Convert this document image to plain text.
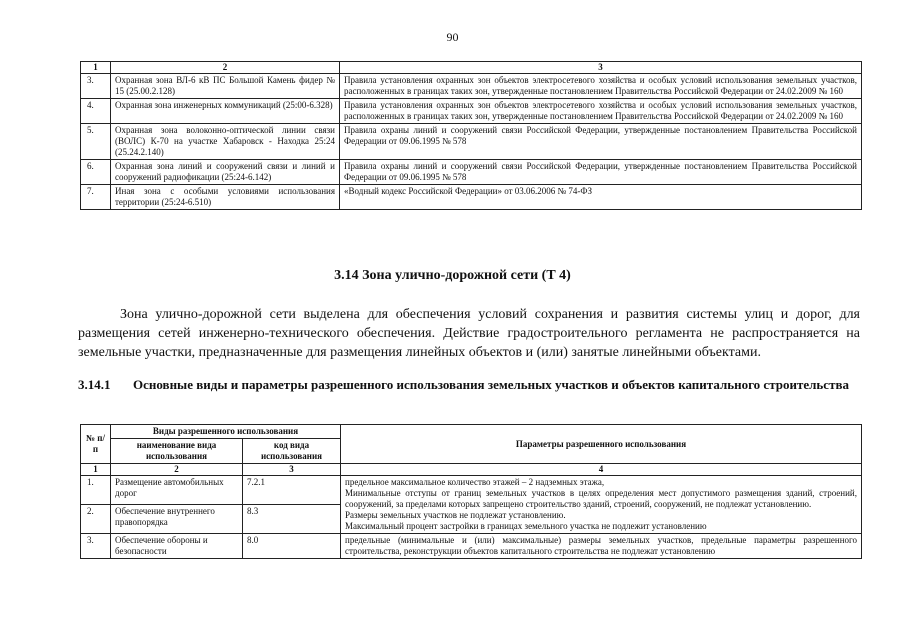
90
1	2	3
3.	Охранная зона ВЛ-6 кВ ПС Большой Камень фидер № 15 (25.00.2.128)	Правила установления охранных зон объектов электросетевого хозяйства и особых условий использования земельных участков, расположенных в границах таких зон, утвержденные постановлением Правительства Российской Федерации от 24.02.2009 № 160
4.	Охранная зона инженерных коммуникаций (25:00-6.328)	Правила установления охранных зон объектов электросетевого хозяйства и особых условий использования земельных участков, расположенных в границах таких зон, утвержденные постановлением Правительства Российской Федерации от 24.02.2009 № 160
5.	Охранная зона волоконно-оптической линии связи (ВОЛС) К-70 на участке Хабаровск - Находка 25:24 (25.24.2.140)	Правила охраны линий и сооружений связи Российской Федерации, утвержденные постановлением Правительства Российской Федерации от 09.06.1995 № 578
6.	Охранная зона линий и сооружений связи и линий и сооружений радиофикации (25:24-6.142)	Правила охраны линий и сооружений связи Российской Федерации, утвержденные постановлением Правительства Российской Федерации от 09.06.1995 № 578
7.	Иная зона с особыми условиями использования территории (25:24-6.510)	«Водный кодекс Российской Федерации» от 03.06.2006 № 74-ФЗ
3.14 Зона улично-дорожной сети (Т 4)
Зона улично-дорожной сети выделена для обеспечения условий сохранения и развития системы улиц и дорог, для размещения сетей инженерно-технического обеспечения. Действие градостроительного регламента не распространяется на земельные участки, предназначенные для размещения линейных объектов и (или) занятые линейными объектами.
3.14.1	Основные виды и параметры разрешенного использования земельных участков и объектов капитального строительства
№ п/п	Виды разрешенного использования		Параметры разрешенного использования
	наименование вида использования	код вида использования	
1	2	3	4
1.	Размещение автомобильных дорог	7.2.1	предельное максимальное количество этажей – 2 надземных этажа,
Минимальные отступы от границ земельных участков в целях определения мест допустимого размещения зданий, строений, сооружений, за пределами которых запрещено строительство зданий, строений, сооружений, не подлежат установлению.
Размеры земельных участков не подлежат установлению.
Максимальный процент застройки в границах земельного участка не подлежит установлению

2.	Обеспечение внутреннего правопорядка	8.3	
3.	Обеспечение обороны и безопасности	8.0	предельные (минимальные и (или) максимальные) размеры земельных участков, предельные параметры разрешенного строительства, реконструкции объектов капитального строительства не подлежат установлению
